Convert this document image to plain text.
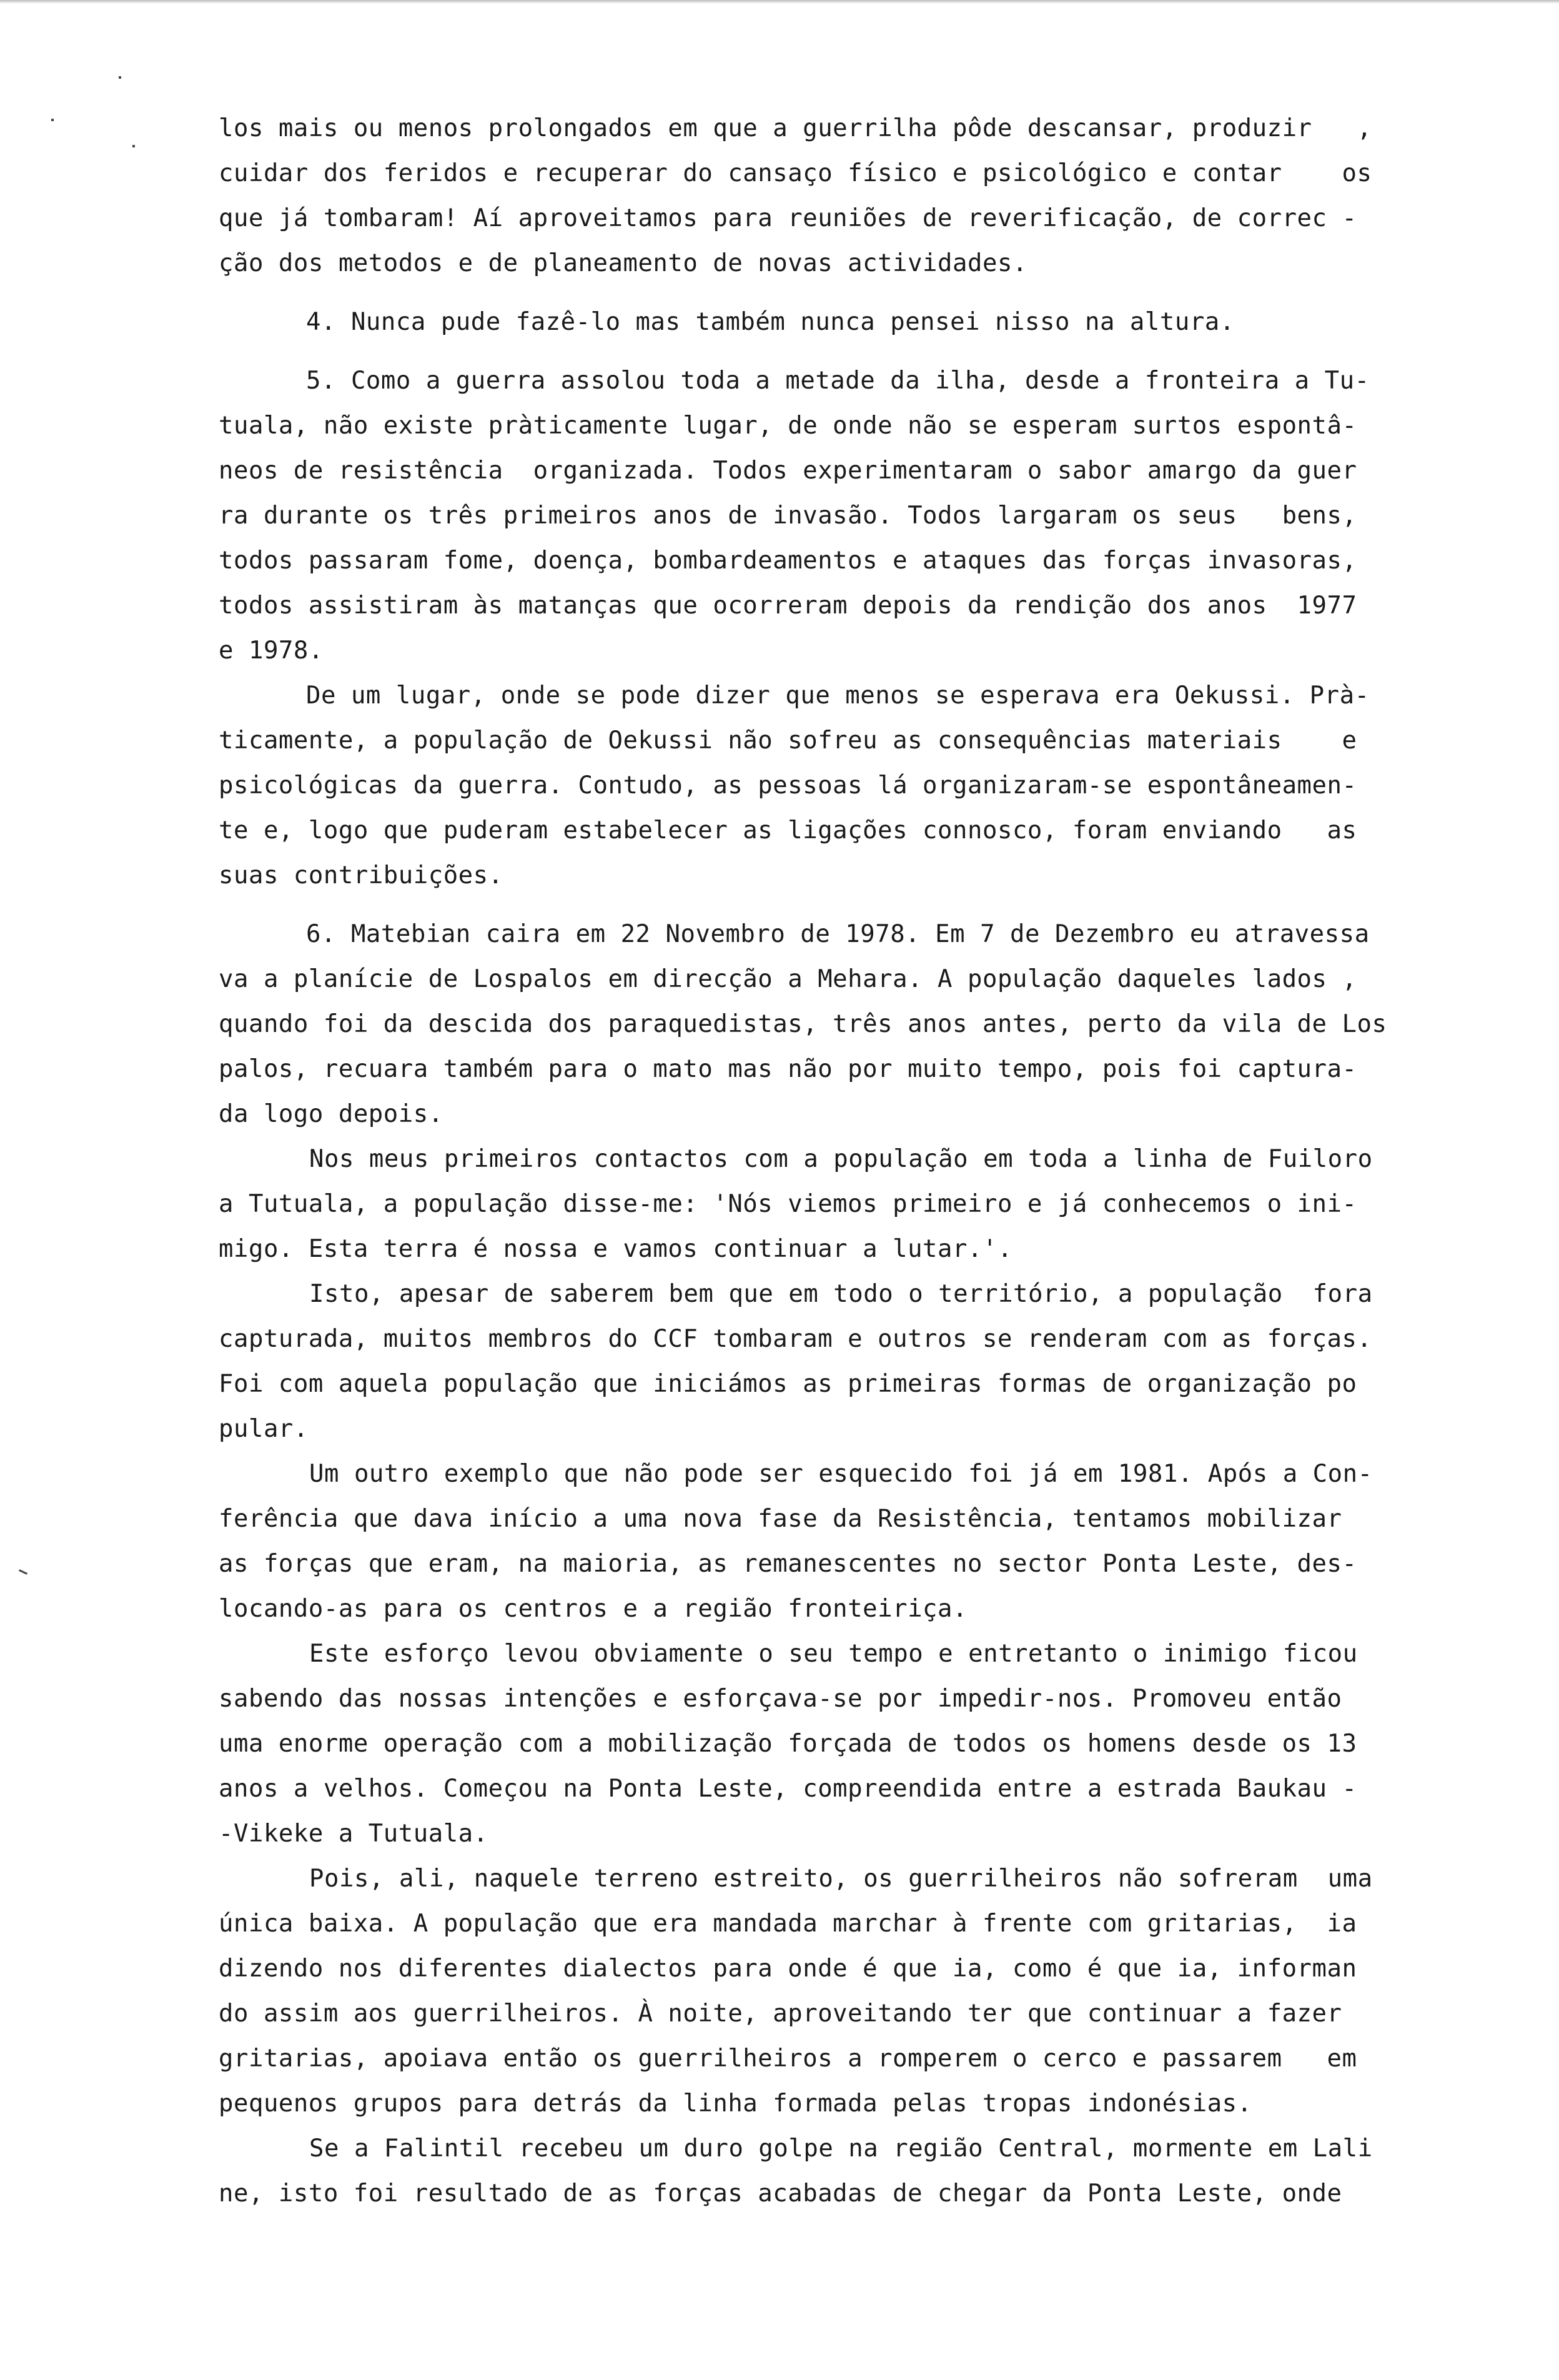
los mais ou menos prolongados em que a guerrilha pôde descansar, produzir   ,
cuidar dos feridos e recuperar do cansaço físico e psicológico e contar    os
que já tombaram! Aí aproveitamos para reuniões de reverificação, de correc -
ção dos metodos e de planeamento de novas actividades.
4. Nunca pude fazê-lo mas também nunca pensei nisso na altura.
5. Como a guerra assolou toda a metade da ilha, desde a fronteira a Tu-
tuala, não existe pràticamente lugar, de onde não se esperam surtos espontâ-
neos de resistência  organizada. Todos experimentaram o sabor amargo da guer
ra durante os três primeiros anos de invasão. Todos largaram os seus   bens,
todos passaram fome, doença, bombardeamentos e ataques das forças invasoras,
todos assistiram às matanças que ocorreram depois da rendição dos anos  1977
e 1978.
De um lugar, onde se pode dizer que menos se esperava era Oekussi. Prà-
ticamente, a população de Oekussi não sofreu as consequências materiais    e
psicológicas da guerra. Contudo, as pessoas lá organizaram-se espontâneamen-
te e, logo que puderam estabelecer as ligações connosco, foram enviando   as
suas contribuições.
6. Matebian caira em 22 Novembro de 1978. Em 7 de Dezembro eu atravessa
va a planície de Lospalos em direcção a Mehara. A população daqueles lados ,
quando foi da descida dos paraquedistas, três anos antes, perto da vila de Los
palos, recuara também para o mato mas não por muito tempo, pois foi captura-
da logo depois.
Nos meus primeiros contactos com a população em toda a linha de Fuiloro
a Tutuala, a população disse-me: 'Nós viemos primeiro e já conhecemos o ini-
migo. Esta terra é nossa e vamos continuar a lutar.'.
Isto, apesar de saberem bem que em todo o território, a população  fora
capturada, muitos membros do CCF tombaram e outros se renderam com as forças.
Foi com aquela população que iniciámos as primeiras formas de organização po
pular.
Um outro exemplo que não pode ser esquecido foi já em 1981. Após a Con-
ferência que dava início a uma nova fase da Resistência, tentamos mobilizar
as forças que eram, na maioria, as remanescentes no sector Ponta Leste, des-
locando-as para os centros e a região fronteiriça.
Este esforço levou obviamente o seu tempo e entretanto o inimigo ficou
sabendo das nossas intenções e esforçava-se por impedir-nos. Promoveu então
uma enorme operação com a mobilização forçada de todos os homens desde os 13
anos a velhos. Começou na Ponta Leste, compreendida entre a estrada Baukau -
-Vikeke a Tutuala.
Pois, ali, naquele terreno estreito, os guerrilheiros não sofreram  uma
única baixa. A população que era mandada marchar à frente com gritarias,  ia
dizendo nos diferentes dialectos para onde é que ia, como é que ia, informan
do assim aos guerrilheiros. À noite, aproveitando ter que continuar a fazer
gritarias, apoiava então os guerrilheiros a romperem o cerco e passarem   em
pequenos grupos para detrás da linha formada pelas tropas indonésias.
Se a Falintil recebeu um duro golpe na região Central, mormente em Lali
ne, isto foi resultado de as forças acabadas de chegar da Ponta Leste, onde
